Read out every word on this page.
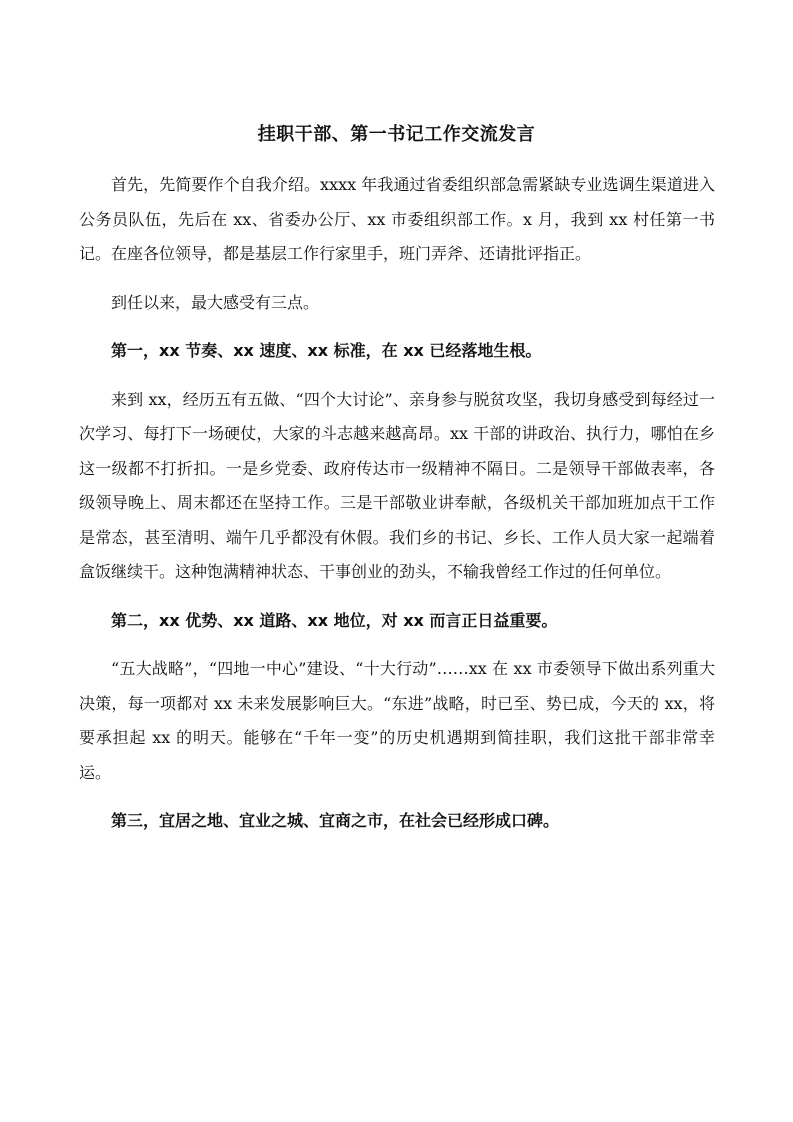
挂职干部、第一书记工作交流发言

首先，先简要作个自我介绍。xxxx 年我通过省委组织部急需紧缺专业选调生渠道进入公务员队伍，先后在 xx、省委办公厅、xx 市委组织部工作。x 月，我到 xx 村任第一书记。在座各位领导，都是基层工作行家里手，班门弄斧、还请批评指正。

到任以来，最大感受有三点。

第一，xx 节奏、xx 速度、xx 标准，在 xx 已经落地生根。

来到 xx，经历五有五做、“四个大讨论”、亲身参与脱贫攻坚，我切身感受到每经过一次学习、每打下一场硬仗，大家的斗志越来越高昂。xx 干部的讲政治、执行力，哪怕在乡这一级都不打折扣。一是乡党委、政府传达市一级精神不隔日。二是领导干部做表率，各级领导晚上、周末都还在坚持工作。三是干部敬业讲奉献，各级机关干部加班加点干工作是常态，甚至清明、端午几乎都没有休假。我们乡的书记、乡长、工作人员大家一起端着盒饭继续干。这种饱满精神状态、干事创业的劲头，不输我曾经工作过的任何单位。

第二，xx 优势、xx 道路、xx 地位，对 xx 而言正日益重要。

“五大战略”，“四地一中心”建设、“十大行动”……xx 在 xx 市委领导下做出系列重大决策，每一项都对 xx 未来发展影响巨大。“东进”战略，时已至、势已成，今天的 xx，将要承担起 xx 的明天。能够在“千年一变”的历史机遇期到简挂职，我们这批干部非常幸运。

第三，宜居之地、宜业之城、宜商之市，在社会已经形成口碑。
